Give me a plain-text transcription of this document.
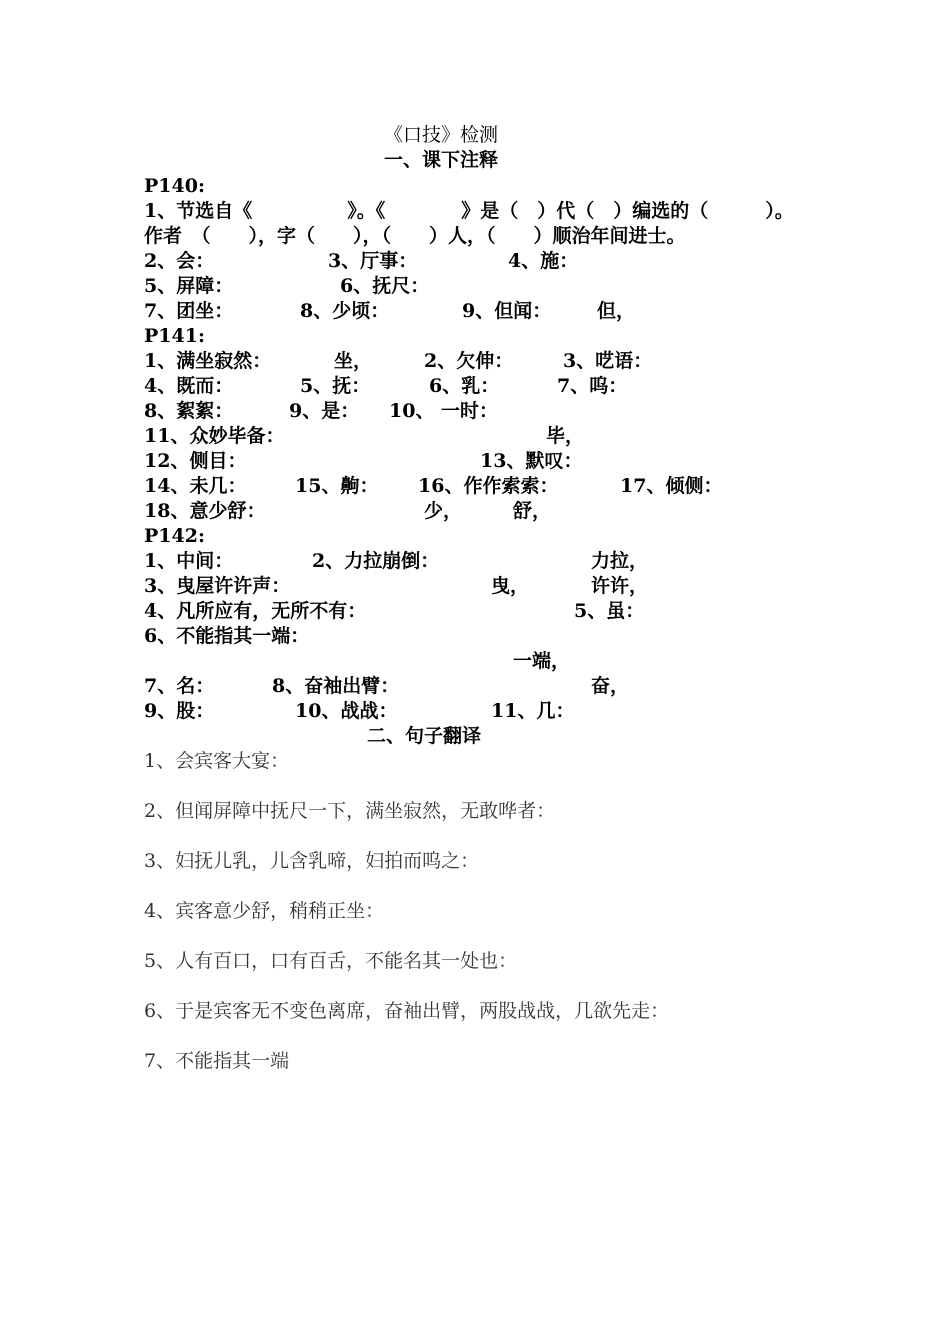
《口技》检测
一、课下注释
P140:
1、节选自《　　　　　》。《　　　　》是（　）代（　）编选的（　　　）。
作者　（　　），字（　　），（　　）人，（　　）顺治年间进士。
2、会：	3、厅事：	4、施：
5、屏障：	6、抚尺：
7、团坐：	8、少顷：	9、但闻： 但，
P141:
1、满坐寂然：	坐，	2、欠伸：	3、呓语：
4、既而：	5、抚：	6、乳：	7、呜：
8、絮絮：	9、是： 10、 一时：
11、众妙毕备：	毕，
12、侧目：	13、默叹：
14、未几：	15、齁： 16、作作索索：	17、倾侧：
18、意少舒：	少，	舒，
P142:
1、中间：	2、力拉崩倒：	力拉，
3、曳屋许许声：	曳，	许许，
4、凡所应有，无所不有：	5、虽：
6、不能指其一端：
一端，
7、名：	8、奋袖出臂：	奋，
9、股：	10、战战：	11、几：
二、句子翻译
1、会宾客大宴：
2、但闻屏障中抚尺一下，满坐寂然，无敢哗者：
3、妇抚儿乳，儿含乳啼，妇拍而呜之：
4、宾客意少舒，稍稍正坐：
5、人有百口，口有百舌，不能名其一处也：
6、于是宾客无不变色离席，奋袖出臂，两股战战，几欲先走：
7、不能指其一端
